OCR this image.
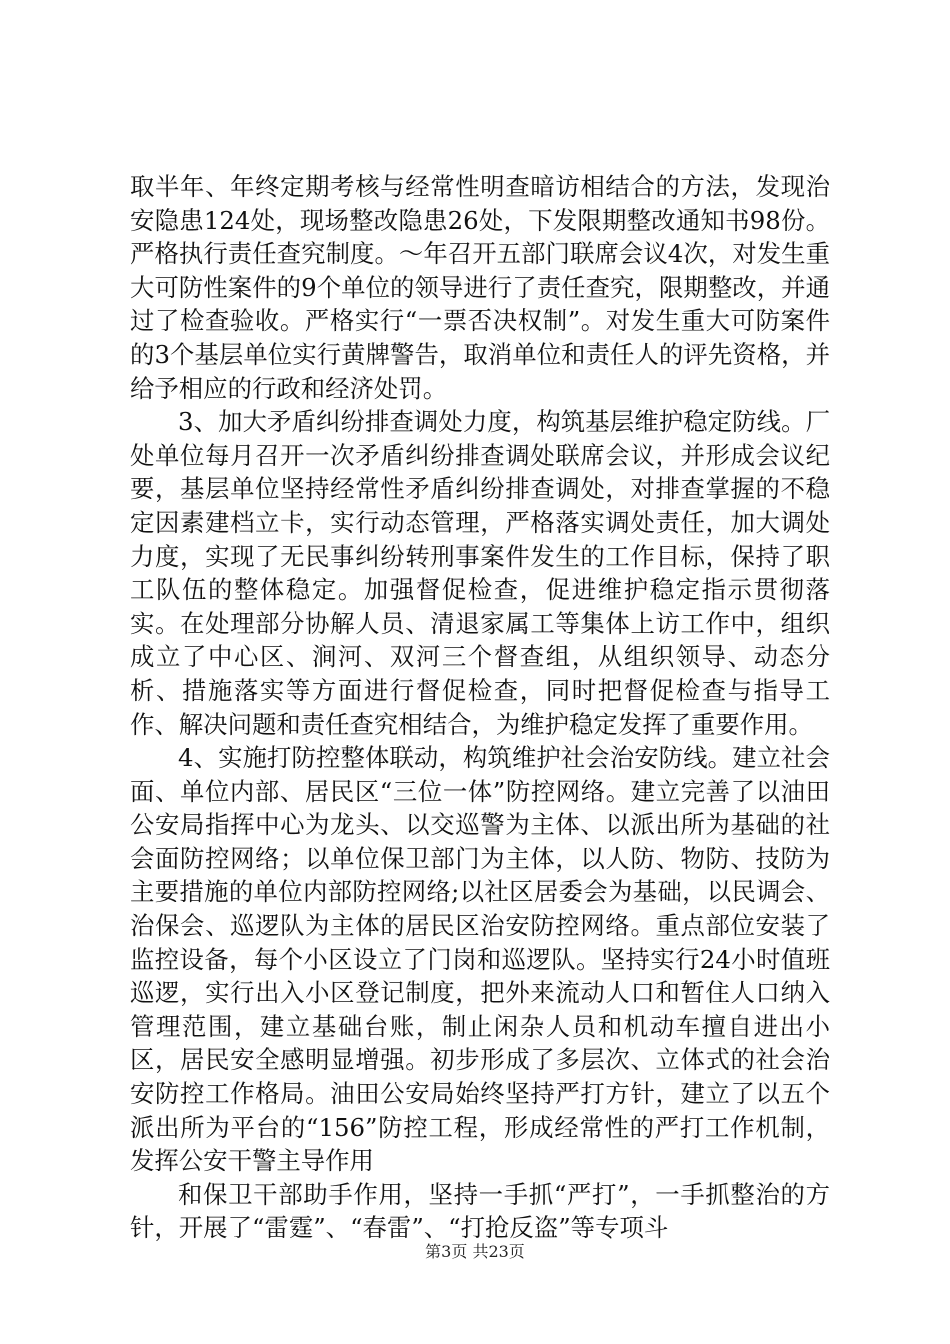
取半年、年终定期考核与经常性明查暗访相结合的方法，发现治安隐患124处，现场整改隐患26处，下发限期整改通知书98份。严格执行责任查究制度。～年召开五部门联席会议4次，对发生重大可防性案件的9个单位的领导进行了责任查究，限期整改，并通过了检查验收。严格实行“一票否决权制”。对发生重大可防案件的3个基层单位实行黄牌警告，取消单位和责任人的评先资格，并给予相应的行政和经济处罚。

3、加大矛盾纠纷排查调处力度，构筑基层维护稳定防线。厂处单位每月召开一次矛盾纠纷排查调处联席会议，并形成会议纪要，基层单位坚持经常性矛盾纠纷排查调处，对排查掌握的不稳定因素建档立卡，实行动态管理，严格落实调处责任，加大调处力度，实现了无民事纠纷转刑事案件发生的工作目标，保持了职工队伍的整体稳定。加强督促检查，促进维护稳定指示贯彻落实。在处理部分协解人员、清退家属工等集体上访工作中，组织成立了中心区、涧河、双河三个督查组，从组织领导、动态分析、措施落实等方面进行督促检查，同时把督促检查与指导工作、解决问题和责任查究相结合，为维护稳定发挥了重要作用。

4、实施打防控整体联动，构筑维护社会治安防线。建立社会面、单位内部、居民区“三位一体”防控网络。建立完善了以油田公安局指挥中心为龙头、以交巡警为主体、以派出所为基础的社会面防控网络；以单位保卫部门为主体，以人防、物防、技防为主要措施的单位内部防控网络;以社区居委会为基础，以民调会、治保会、巡逻队为主体的居民区治安防控网络。重点部位安装了监控设备，每个小区设立了门岗和巡逻队。坚持实行24小时值班巡逻，实行出入小区登记制度，把外来流动人口和暂住人口纳入管理范围，建立基础台账，制止闲杂人员和机动车擅自进出小区，居民安全感明显增强。初步形成了多层次、立体式的社会治安防控工作格局。油田公安局始终坚持严打方针，建立了以五个派出所为平台的“156”防控工程，形成经常性的严打工作机制，发挥公安干警主导作用

和保卫干部助手作用，坚持一手抓“严打”，一手抓整治的方针，开展了“雷霆”、“春雷”、“打抢反盗”等专项斗

第3页 共23页
